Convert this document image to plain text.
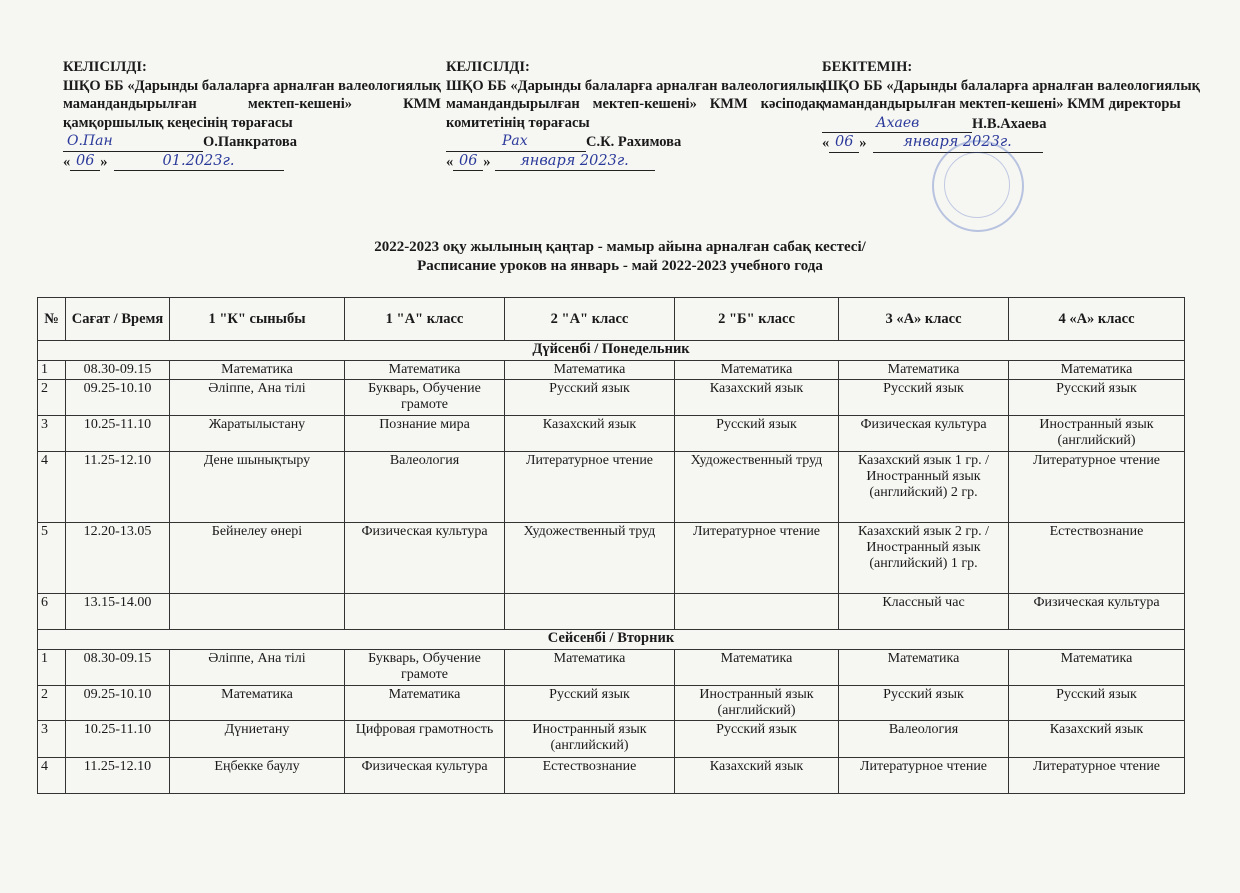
КЕЛІСІЛДІ:
ШҚО ББ «Дарынды балаларға арналған валеологиялық мамандандырылған мектеп-кешені» КММ қамқоршылық кеңесінің төрағасы
О.Пан	О.Панкратова
« 06 »	01.2023г.
КЕЛІСІЛДІ:
ШҚО ББ «Дарынды балаларға арналған валеологиялық мамандандырылған мектеп-кешені» КММ кәсіподақ комитетінің төрағасы
Рах	С.К. Рахимова
« 06 »	января 2023г.
БЕКІТЕМІН:
ШҚО ББ «Дарынды балаларға арналған валеологиялық мамандандырылған мектеп-кешені» КММ директоры
Ахаев	Н.В.Ахаева
« 06 »	января 2023г.
2022-2023 оқу жылының қаңтар - мамыр айына арналған сабақ кестесі/
Расписание уроков на январь - май 2022-2023 учебного года
№	Сағат / Время	1 "К" сыныбы	1 "А" класс	2 "А" класс	2 "Б" класс	3 «А» класс	4 «А» класс
Дүйсенбі / Понедельник							
1	08.30-09.15	Математика	Математика	Математика	Математика	Математика	Математика
2	09.25-10.10	Әліппе, Ана тілі	Букварь, Обучение грамоте	Русский язык	Казахский язык	Русский язык	Русский язык
3	10.25-11.10	Жаратылыстану	Познание мира	Казахский язык	Русский язык	Физическая культура	Иностранный язык (английский)
4	11.25-12.10	Дене шынықтыру	Валеология	Литературное чтение	Художественный труд	Казахский язык 1 гр. / Иностранный язык (английский) 2 гр.	Литературное чтение
5	12.20-13.05	Бейнелеу өнері	Физическая культура	Художественный труд	Литературное чтение	Казахский язык 2 гр. / Иностранный язык (английский) 1 гр.	Естествознание
6	13.15-14.00					Классный час	Физическая культура
Сейсенбі / Вторник							
1	08.30-09.15	Әліппе, Ана тілі	Букварь, Обучение грамоте	Математика	Математика	Математика	Математика
2	09.25-10.10	Математика	Математика	Русский язык	Иностранный язык (английский)	Русский язык	Русский язык
3	10.25-11.10	Дүниетану	Цифровая грамотность	Иностранный язык (английский)	Русский язык	Валеология	Казахский язык
4	11.25-12.10	Еңбекке баулу	Физическая культура	Естествознание	Казахский язык	Литературное чтение	Литературное чтение
